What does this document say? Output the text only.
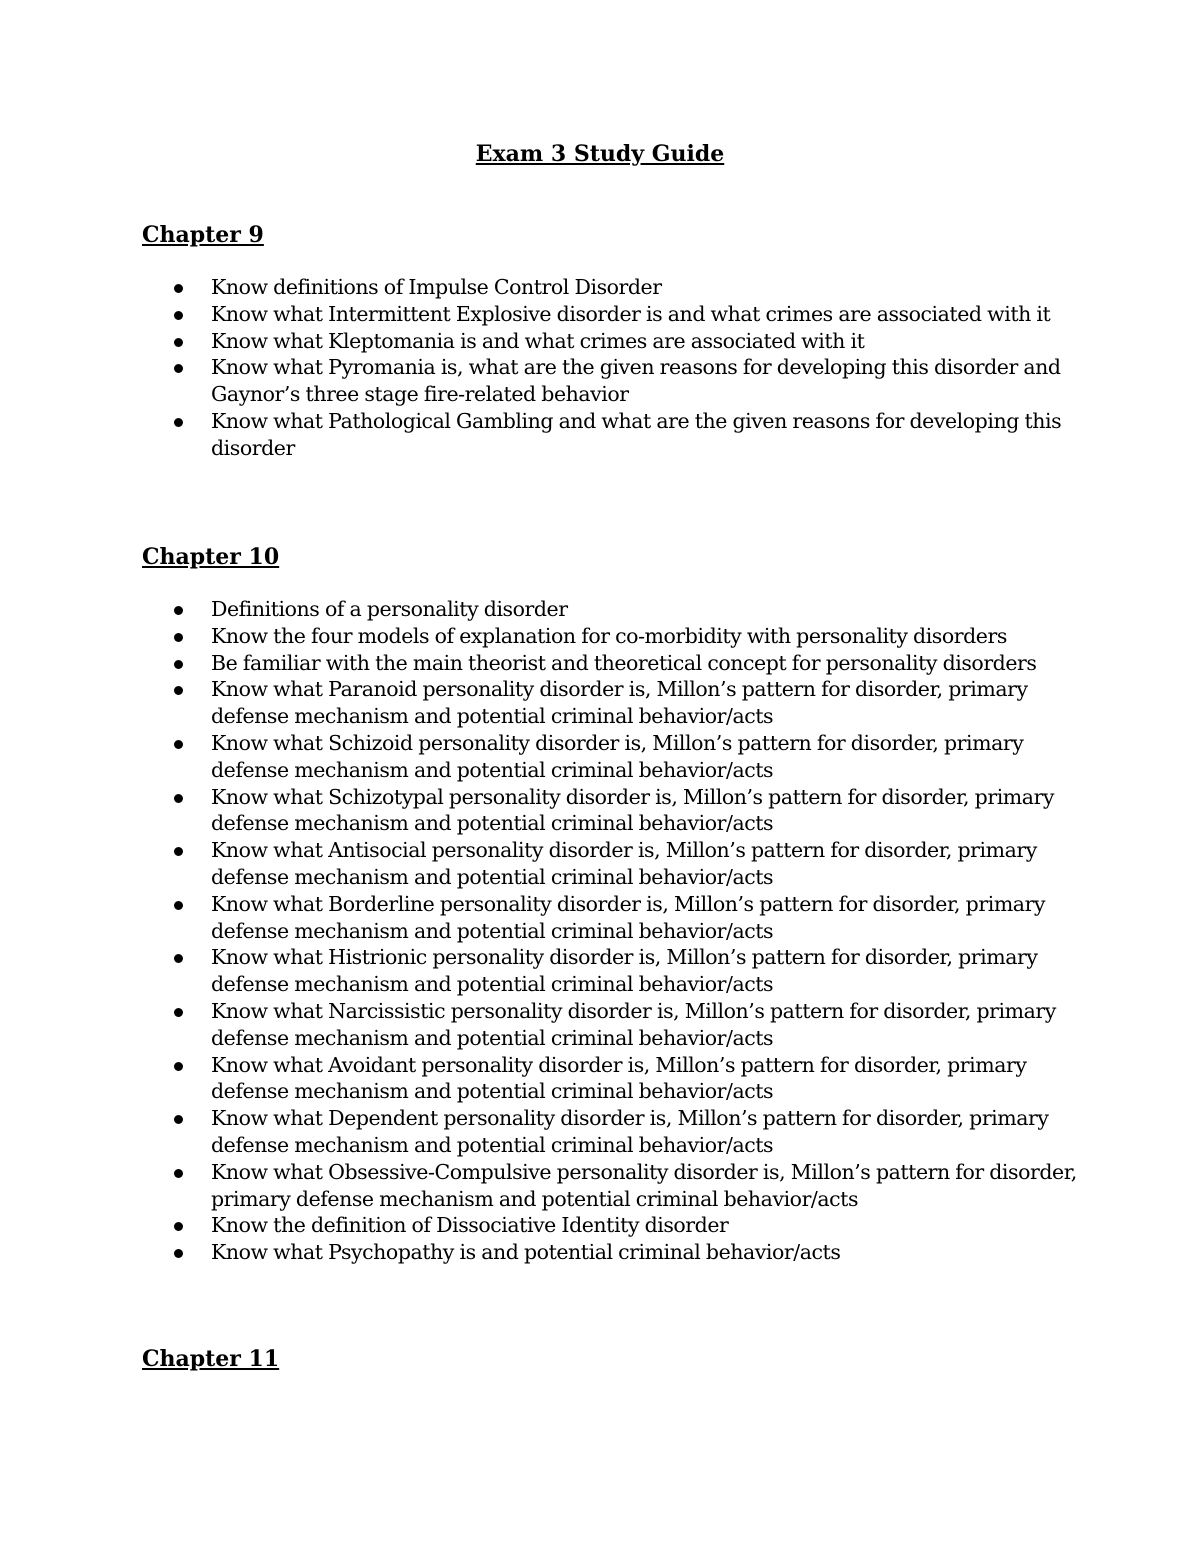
Exam 3 Study Guide
Chapter 9
Know definitions of Impulse Control Disorder
Know what Intermittent Explosive disorder is and what crimes are associated with it
Know what Kleptomania is and what crimes are associated with it
Know what Pyromania is, what are the given reasons for developing this disorder and Gaynor’s three stage fire-related behavior
Know what Pathological Gambling and what are the given reasons for developing this disorder
Chapter 10
Definitions of a personality disorder
Know the four models of explanation for co-morbidity with personality disorders
Be familiar with the main theorist and theoretical concept for personality disorders
Know what Paranoid personality disorder is, Millon’s pattern for disorder, primary defense mechanism and potential criminal behavior/acts
Know what Schizoid personality disorder is, Millon’s pattern for disorder, primary defense mechanism and potential criminal behavior/acts
Know what Schizotypal personality disorder is, Millon’s pattern for disorder, primary defense mechanism and potential criminal behavior/acts
Know what Antisocial personality disorder is, Millon’s pattern for disorder, primary defense mechanism and potential criminal behavior/acts
Know what Borderline personality disorder is, Millon’s pattern for disorder, primary defense mechanism and potential criminal behavior/acts
Know what Histrionic personality disorder is, Millon’s pattern for disorder, primary defense mechanism and potential criminal behavior/acts
Know what Narcissistic personality disorder is, Millon’s pattern for disorder, primary defense mechanism and potential criminal behavior/acts
Know what Avoidant personality disorder is, Millon’s pattern for disorder, primary defense mechanism and potential criminal behavior/acts
Know what Dependent personality disorder is, Millon’s pattern for disorder, primary defense mechanism and potential criminal behavior/acts
Know what Obsessive-Compulsive personality disorder is, Millon’s pattern for disorder, primary defense mechanism and potential criminal behavior/acts
Know the definition of Dissociative Identity disorder
Know what Psychopathy is and potential criminal behavior/acts
Chapter 11
